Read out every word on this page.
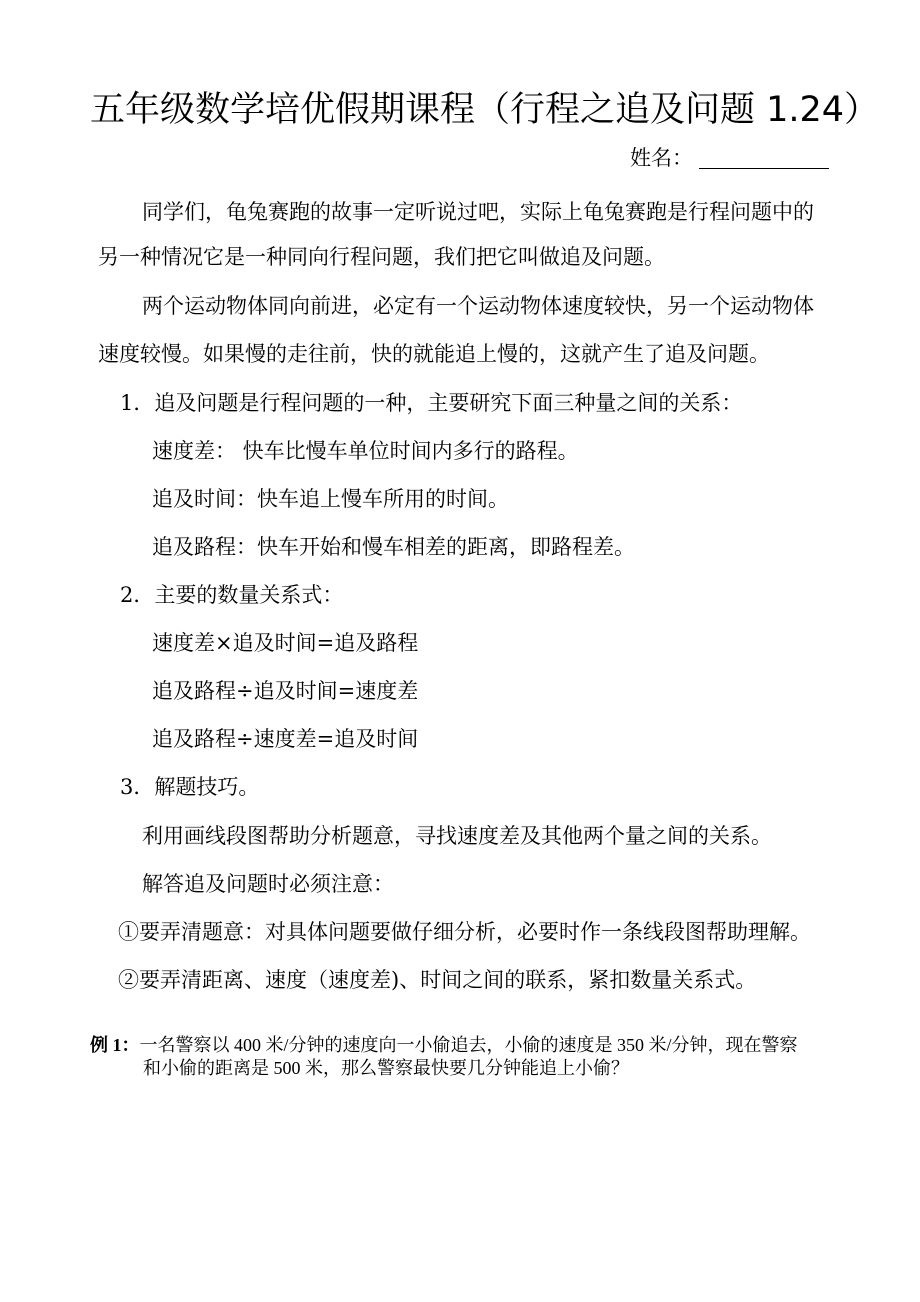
五年级数学培优假期课程（行程之追及问题 1.24）
姓名：
同学们，龟兔赛跑的故事一定听说过吧，实际上龟兔赛跑是行程问题中的
另一种情况它是一种同向行程问题，我们把它叫做追及问题。
两个运动物体同向前进，必定有一个运动物体速度较快，另一个运动物体
速度较慢。如果慢的走往前，快的就能追上慢的，这就产生了追及问题。
1．追及问题是行程问题的一种，主要研究下面三种量之间的关系：
速度差： 快车比慢车单位时间内多行的路程。
追及时间：快车追上慢车所用的时间。
追及路程：快车开始和慢车相差的距离，即路程差。
2．主要的数量关系式：
速度差×追及时间=追及路程
追及路程÷追及时间=速度差
追及路程÷速度差=追及时间
3．解题技巧。
利用画线段图帮助分析题意，寻找速度差及其他两个量之间的关系。
解答追及问题时必须注意：
①要弄清题意：对具体问题要做仔细分析，必要时作一条线段图帮助理解。
②要弄清距离、速度（速度差)、时间之间的联系，紧扣数量关系式。
例 1：一名警察以 400 米/分钟的速度向一小偷追去，小偷的速度是 350 米/分钟，现在警察
和小偷的距离是 500 米，那么警察最快要几分钟能追上小偷？
